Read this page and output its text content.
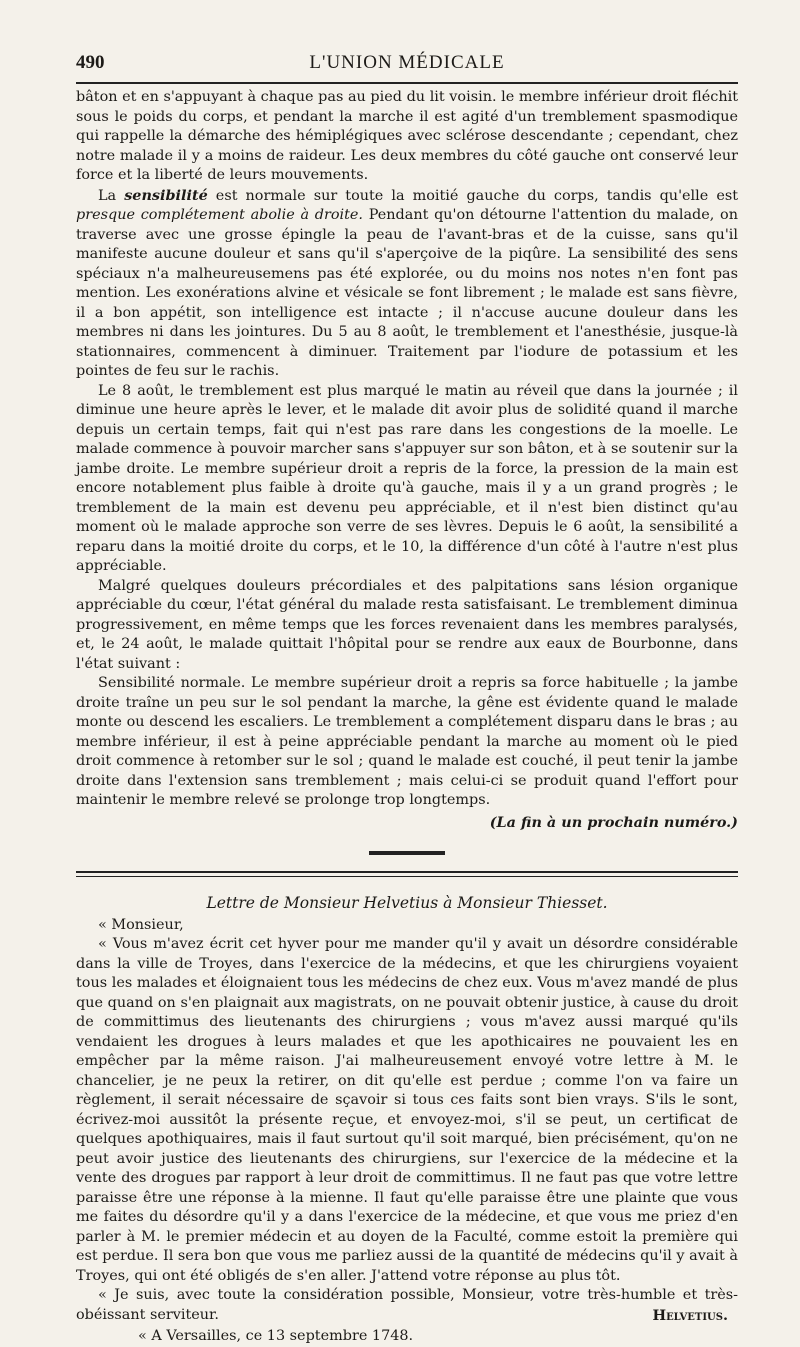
490	L'UNION MÉDICALE

bâton et en s'appuyant à chaque pas au pied du lit voisin. le membre inférieur droit fléchit sous le poids du corps, et pendant la marche il est agité d'un tremblement spasmodique qui rappelle la démarche des hémiplégiques avec sclérose descendante ; cependant, chez notre malade il y a moins de raideur. Les deux membres du côté gauche ont conservé leur force et la liberté de leurs mouvements.

La sensibilité est normale sur toute la moitié gauche du corps, tandis qu'elle est presque complétement abolie à droite. Pendant qu'on détourne l'attention du malade, on traverse avec une grosse épingle la peau de l'avant-bras et de la cuisse, sans qu'il manifeste aucune douleur et sans qu'il s'aperçoive de la piqûre. La sensibilité des sens spéciaux n'a malheureusemens pas été explorée, ou du moins nos notes n'en font pas mention. Les exonérations alvine et vésicale se font librement ; le malade est sans fièvre, il a bon appétit, son intelligence est intacte ; il n'accuse aucune douleur dans les membres ni dans les jointures. Du 5 au 8 août, le tremblement et l'anesthésie, jusque-là stationnaires, commencent à diminuer. Traitement par l'iodure de potassium et les pointes de feu sur le rachis.

Le 8 août, le tremblement est plus marqué le matin au réveil que dans la journée ; il diminue une heure après le lever, et le malade dit avoir plus de solidité quand il marche depuis un certain temps, fait qui n'est pas rare dans les congestions de la moelle. Le malade commence à pouvoir marcher sans s'appuyer sur son bâton, et à se soutenir sur la jambe droite. Le membre supérieur droit a repris de la force, la pression de la main est encore notablement plus faible à droite qu'à gauche, mais il y a un grand progrès ; le tremblement de la main est devenu peu appréciable, et il n'est bien distinct qu'au moment où le malade approche son verre de ses lèvres. Depuis le 6 août, la sensibilité a reparu dans la moitié droite du corps, et le 10, la différence d'un côté à l'autre n'est plus appréciable.

Malgré quelques douleurs précordiales et des palpitations sans lésion organique appréciable du cœur, l'état général du malade resta satisfaisant. Le tremblement diminua progressivement, en même temps que les forces revenaient dans les membres paralysés, et, le 24 août, le malade quittait l'hôpital pour se rendre aux eaux de Bourbonne, dans l'état suivant :

Sensibilité normale. Le membre supérieur droit a repris sa force habituelle ; la jambe droite traîne un peu sur le sol pendant la marche, la gêne est évidente quand le malade monte ou descend les escaliers. Le tremblement a complétement disparu dans le bras ; au membre inférieur, il est à peine appréciable pendant la marche au moment où le pied droit commence à retomber sur le sol ; quand le malade est couché, il peut tenir la jambe droite dans l'extension sans tremblement ; mais celui-ci se produit quand l'effort pour maintenir le membre relevé se prolonge trop longtemps.

(La fin à un prochain numéro.)
Lettre de Monsieur Helvetius à Monsieur Thiesset.

« Monsieur,

« Vous m'avez écrit cet hyver pour me mander qu'il y avait un désordre considérable dans la ville de Troyes, dans l'exercice de la médecins, et que les chirurgiens voyaient tous les malades et éloignaient tous les médecins de chez eux. Vous m'avez mandé de plus que quand on s'en plaignait aux magistrats, on ne pouvait obtenir justice, à cause du droit de committimus des lieutenants des chirurgiens ; vous m'avez aussi marqué qu'ils vendaient les drogues à leurs malades et que les apothicaires ne pouvaient les en empêcher par la même raison. J'ai malheureusement envoyé votre lettre à M. le chancelier, je ne peux la retirer, on dit qu'elle est perdue ; comme l'on va faire un règlement, il serait nécessaire de sçavoir si tous ces faits sont bien vrays. S'ils le sont, écrivez-moi aussitôt la présente reçue, et envoyez-moi, s'il se peut, un certificat de quelques apothiquaires, mais il faut surtout qu'il soit marqué, bien précisément, qu'on ne peut avoir justice des lieutenants des chirurgiens, sur l'exercice de la médecine et la vente des drogues par rapport à leur droit de committimus. Il ne faut pas que votre lettre paraisse être une réponse à la mienne. Il faut qu'elle paraisse être une plainte que vous me faites du désordre qu'il y a dans l'exercice de la médecine, et que vous me priez d'en parler à M. le premier médecin et au doyen de la Faculté, comme estoit la première qui est perdue. Il sera bon que vous me parliez aussi de la quantité de médecins qu'il y avait à Troyes, qui ont été obligés de s'en aller. J'attend votre réponse au plus tôt.

« Je suis, avec toute la considération possible, Monsieur, votre très-humble et très-obéissant serviteur.	Helvetius.
« A Versailles, ce 13 septembre 1748.
